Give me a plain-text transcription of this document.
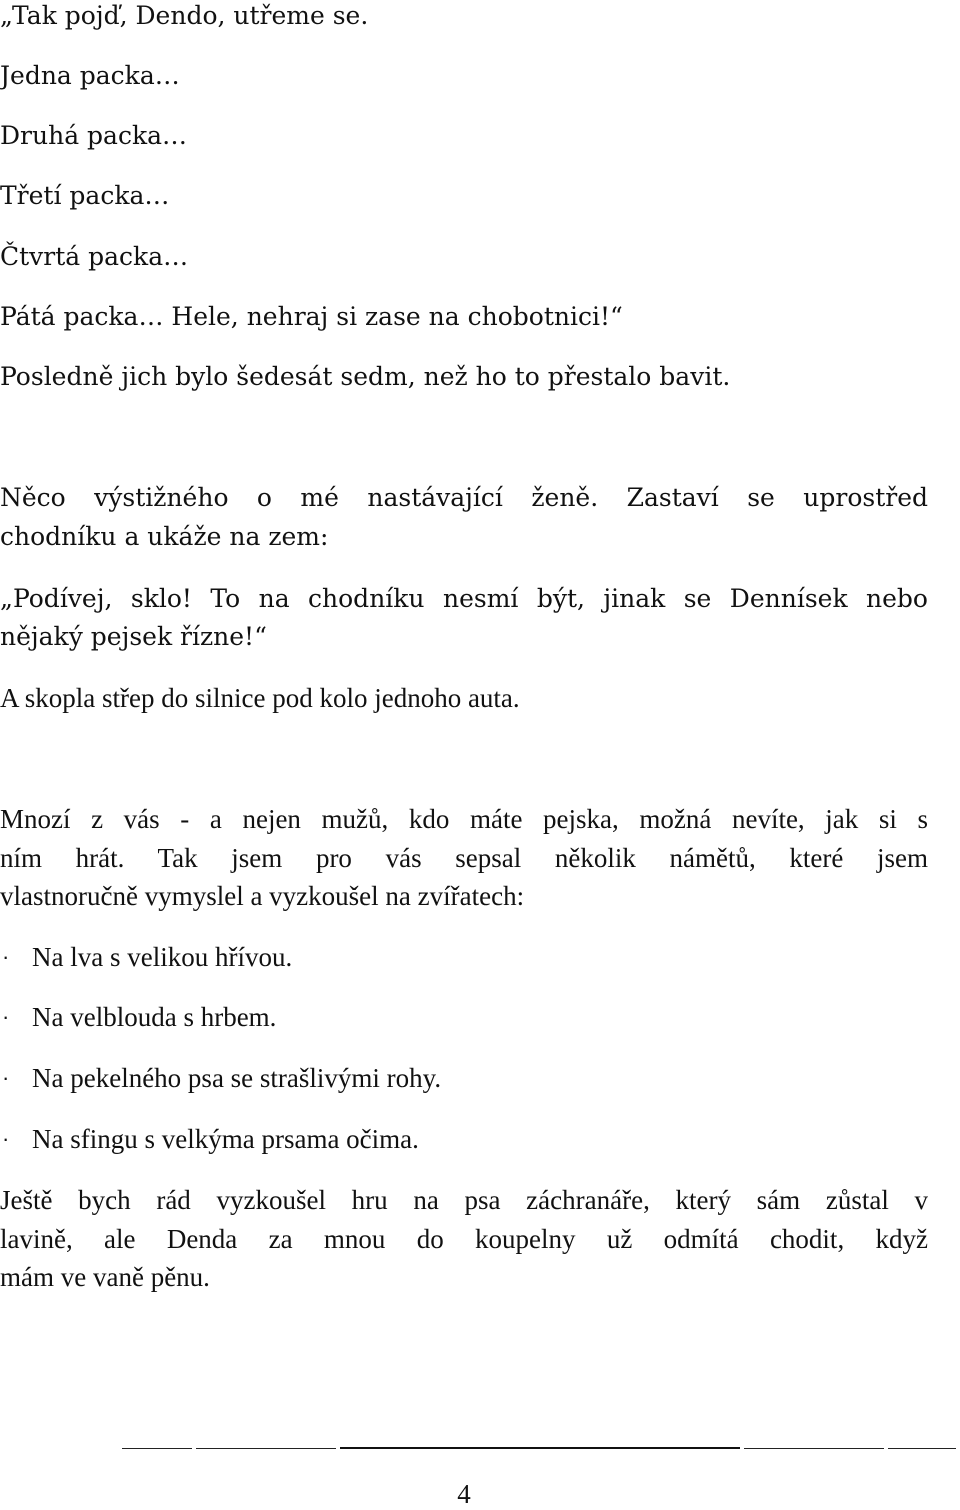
„Tak pojď, Dendo, utřeme se.
Jedna packa…
Druhá packa…
Třetí packa…
Čtvrtá packa…
Pátá packa… Hele, nehraj si zase na chobotnici!“
Posledně jich bylo šedesát sedm, než ho to přestalo bavit.
Něco výstižného o mé nastávající ženě. Zastaví se uprostřed
chodníku a ukáže na zem:
„Podívej, sklo! To na chodníku nesmí být, jinak se Dennísek nebo
nějaký pejsek řízne!“
A skopla střep do silnice pod kolo jednoho auta.
Mnozí z vás - a nejen mužů, kdo máte pejska, možná nevíte, jak si s
ním hrát. Tak jsem pro vás sepsal několik námětů, které jsem
vlastnoručně vymyslel a vyzkoušel na zvířatech:
· Na lva s velikou hřívou.
· Na velblouda s hrbem.
· Na pekelného psa se strašlivými rohy.
· Na sfingu s velkýma prsama očima.
Ještě bych rád vyzkoušel hru na psa záchranáře, který sám zůstal v
lavině, ale Denda za mnou do koupelny už odmítá chodit, když
mám ve vaně pěnu.
4
